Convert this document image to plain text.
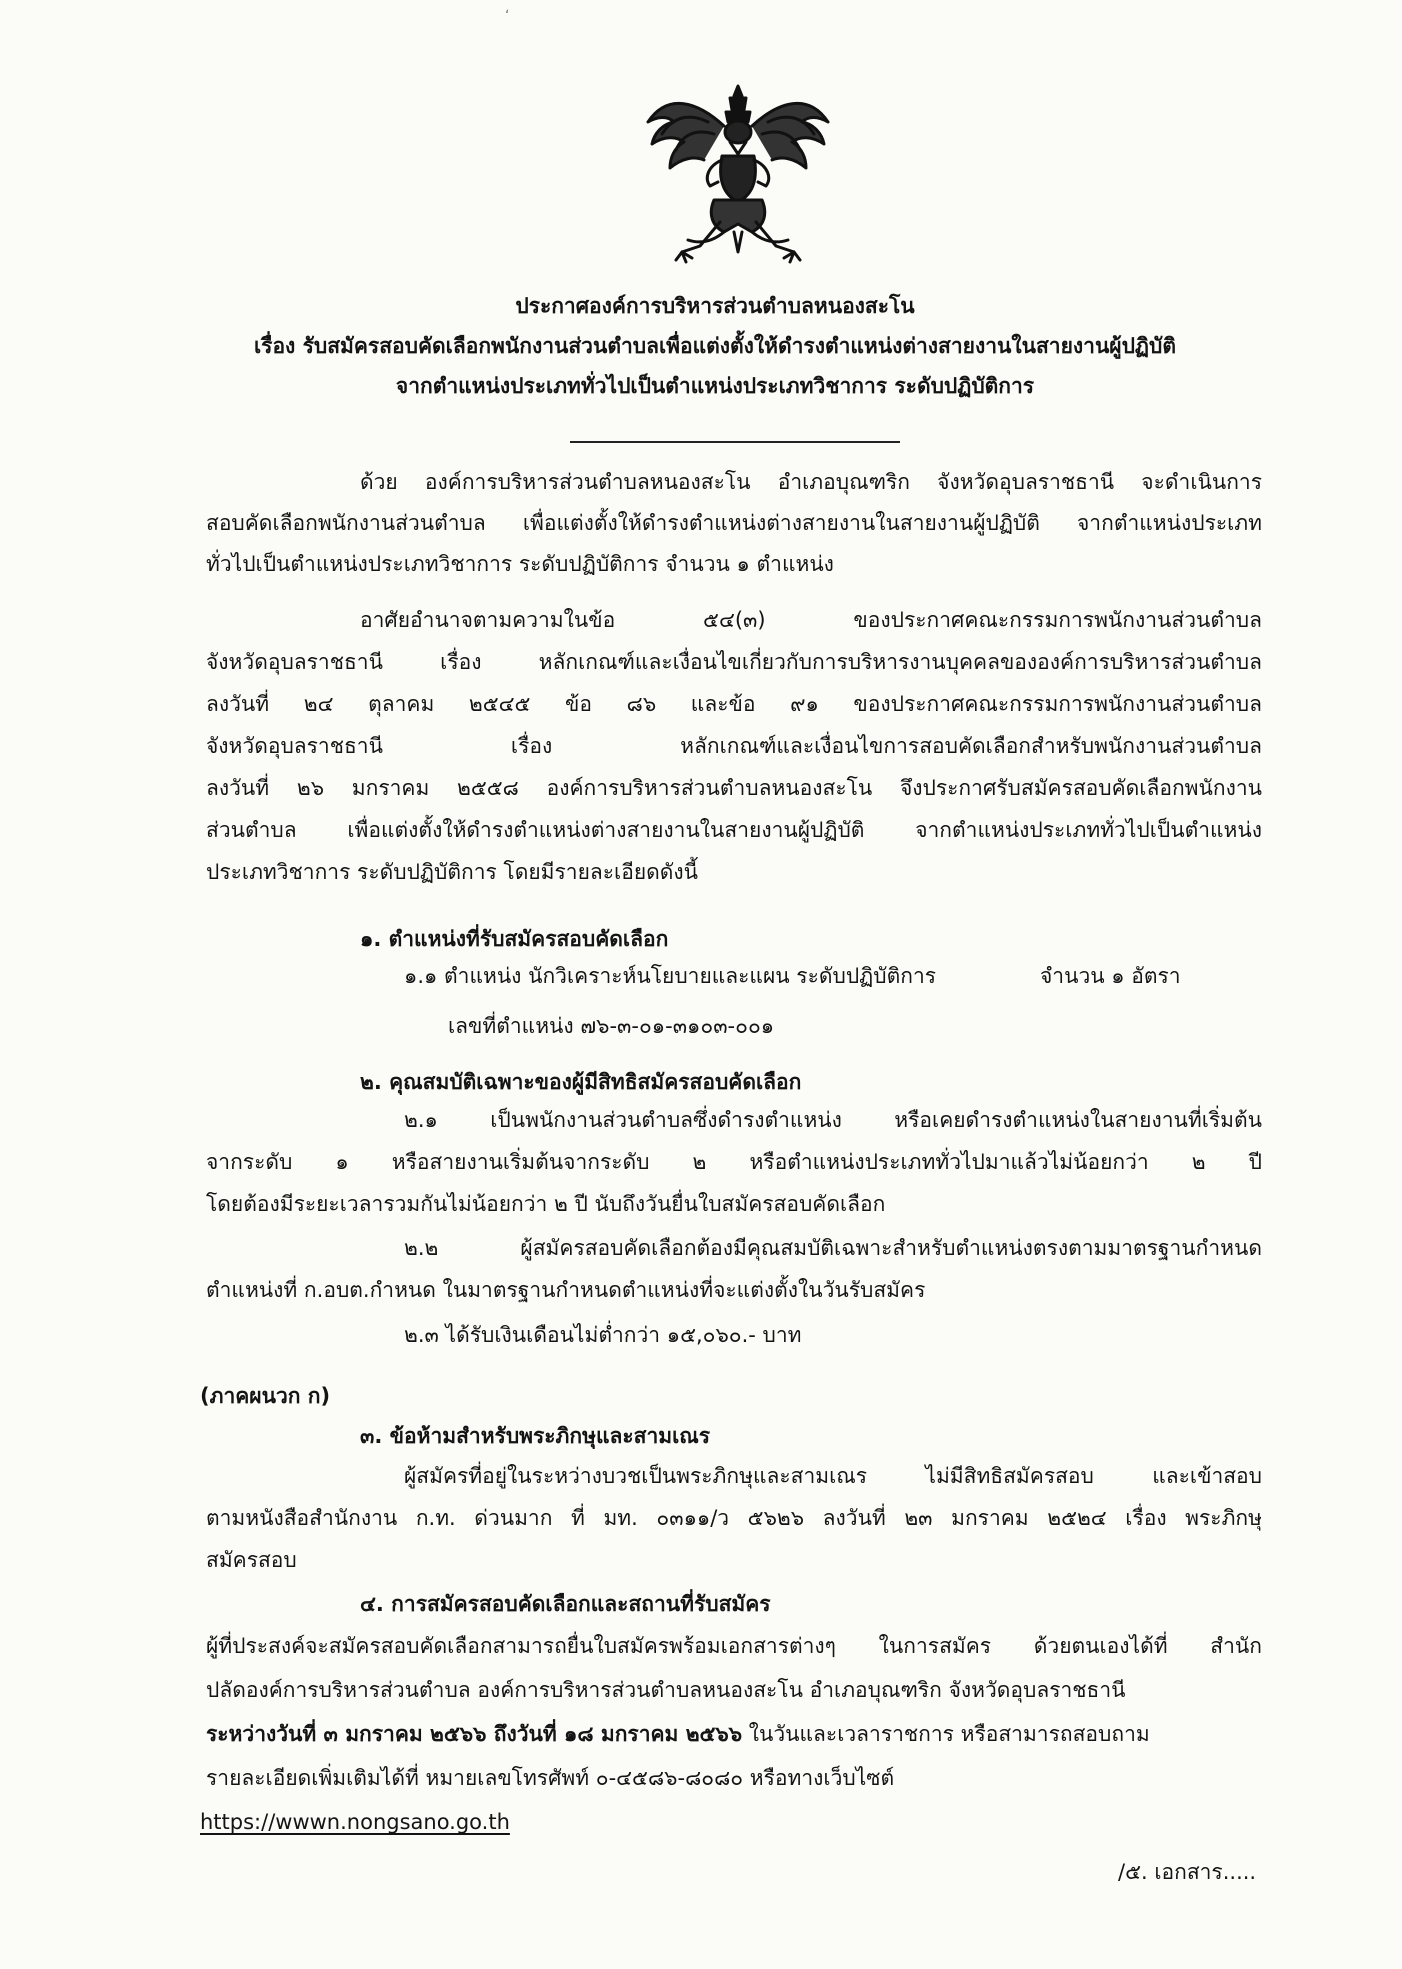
ʻ
ประกาศองค์การบริหารส่วนตำบลหนองสะโน
เรื่อง รับสมัครสอบคัดเลือกพนักงานส่วนตำบลเพื่อแต่งตั้งให้ดำรงตำแหน่งต่างสายงานในสายงานผู้ปฏิบัติ
จากตำแหน่งประเภททั่วไปเป็นตำแหน่งประเภทวิชาการ ระดับปฏิบัติการ
ด้วย องค์การบริหารส่วนตำบลหนองสะโน อำเภอบุณฑริก จังหวัดอุบลราชธานี จะดำเนินการ
สอบคัดเลือกพนักงานส่วนตำบล เพื่อแต่งตั้งให้ดำรงตำแหน่งต่างสายงานในสายงานผู้ปฏิบัติ จากตำแหน่งประเภท
ทั่วไปเป็นตำแหน่งประเภทวิชาการ ระดับปฏิบัติการ จำนวน ๑ ตำแหน่ง
อาศัยอำนาจตามความในข้อ ๕๔(๓) ของประกาศคณะกรรมการพนักงานส่วนตำบล
จังหวัดอุบลราชธานี เรื่อง หลักเกณฑ์และเงื่อนไขเกี่ยวกับการบริหารงานบุคคลขององค์การบริหารส่วนตำบล
ลงวันที่ ๒๔ ตุลาคม ๒๕๔๕ ข้อ ๘๖ และข้อ ๙๑ ของประกาศคณะกรรมการพนักงานส่วนตำบล
จังหวัดอุบลราชธานี เรื่อง หลักเกณฑ์และเงื่อนไขการสอบคัดเลือกสำหรับพนักงานส่วนตำบล
ลงวันที่ ๒๖ มกราคม ๒๕๕๘ องค์การบริหารส่วนตำบลหนองสะโน จึงประกาศรับสมัครสอบคัดเลือกพนักงาน
ส่วนตำบล เพื่อแต่งตั้งให้ดำรงตำแหน่งต่างสายงานในสายงานผู้ปฏิบัติ จากตำแหน่งประเภททั่วไปเป็นตำแหน่ง
ประเภทวิชาการ ระดับปฏิบัติการ โดยมีรายละเอียดดังนี้
๑. ตำแหน่งที่รับสมัครสอบคัดเลือก
๑.๑ ตำแหน่ง นักวิเคราะห์นโยบายและแผน ระดับปฏิบัติการ	จำนวน ๑ อัตรา
เลขที่ตำแหน่ง ๗๖-๓-๐๑-๓๑๐๓-๐๐๑
๒. คุณสมบัติเฉพาะของผู้มีสิทธิสมัครสอบคัดเลือก
๒.๑ เป็นพนักงานส่วนตำบลซึ่งดำรงตำแหน่ง หรือเคยดำรงตำแหน่งในสายงานที่เริ่มต้น
จากระดับ ๑ หรือสายงานเริ่มต้นจากระดับ ๒ หรือตำแหน่งประเภททั่วไปมาแล้วไม่น้อยกว่า ๒ ปี
โดยต้องมีระยะเวลารวมกันไม่น้อยกว่า ๒ ปี นับถึงวันยื่นใบสมัครสอบคัดเลือก
๒.๒ ผู้สมัครสอบคัดเลือกต้องมีคุณสมบัติเฉพาะสำหรับตำแหน่งตรงตามมาตรฐานกำหนด
ตำแหน่งที่ ก.อบต.กำหนด ในมาตรฐานกำหนดตำแหน่งที่จะแต่งตั้งในวันรับสมัคร
๒.๓ ได้รับเงินเดือนไม่ต่ำกว่า ๑๕,๐๖๐.- บาท
(ภาคผนวก ก)
๓. ข้อห้ามสำหรับพระภิกษุและสามเณร
ผู้สมัครที่อยู่ในระหว่างบวชเป็นพระภิกษุและสามเณร ไม่มีสิทธิสมัครสอบ และเข้าสอบ
ตามหนังสือสำนักงาน ก.ท. ด่วนมาก ที่ มท. ๐๓๑๑/ว ๕๖๒๖ ลงวันที่ ๒๓ มกราคม ๒๕๒๔ เรื่อง พระภิกษุ
สมัครสอบ
๔. การสมัครสอบคัดเลือกและสถานที่รับสมัคร
ผู้ที่ประสงค์จะสมัครสอบคัดเลือกสามารถยื่นใบสมัครพร้อมเอกสารต่างๆ ในการสมัคร ด้วยตนเองได้ที่ สำนัก
ปลัดองค์การบริหารส่วนตำบล องค์การบริหารส่วนตำบลหนองสะโน อำเภอบุณฑริก จังหวัดอุบลราชธานี
ระหว่างวันที่ ๓ มกราคม ๒๕๖๖ ถึงวันที่ ๑๘ มกราคม ๒๕๖๖ ในวันและเวลาราชการ หรือสามารถสอบถาม
รายละเอียดเพิ่มเติมได้ที่ หมายเลขโทรศัพท์ ๐-๔๕๘๖-๘๐๘๐ หรือทางเว็บไซต์
https://wwwn.nongsano.go.th
/๕. เอกสาร.....
